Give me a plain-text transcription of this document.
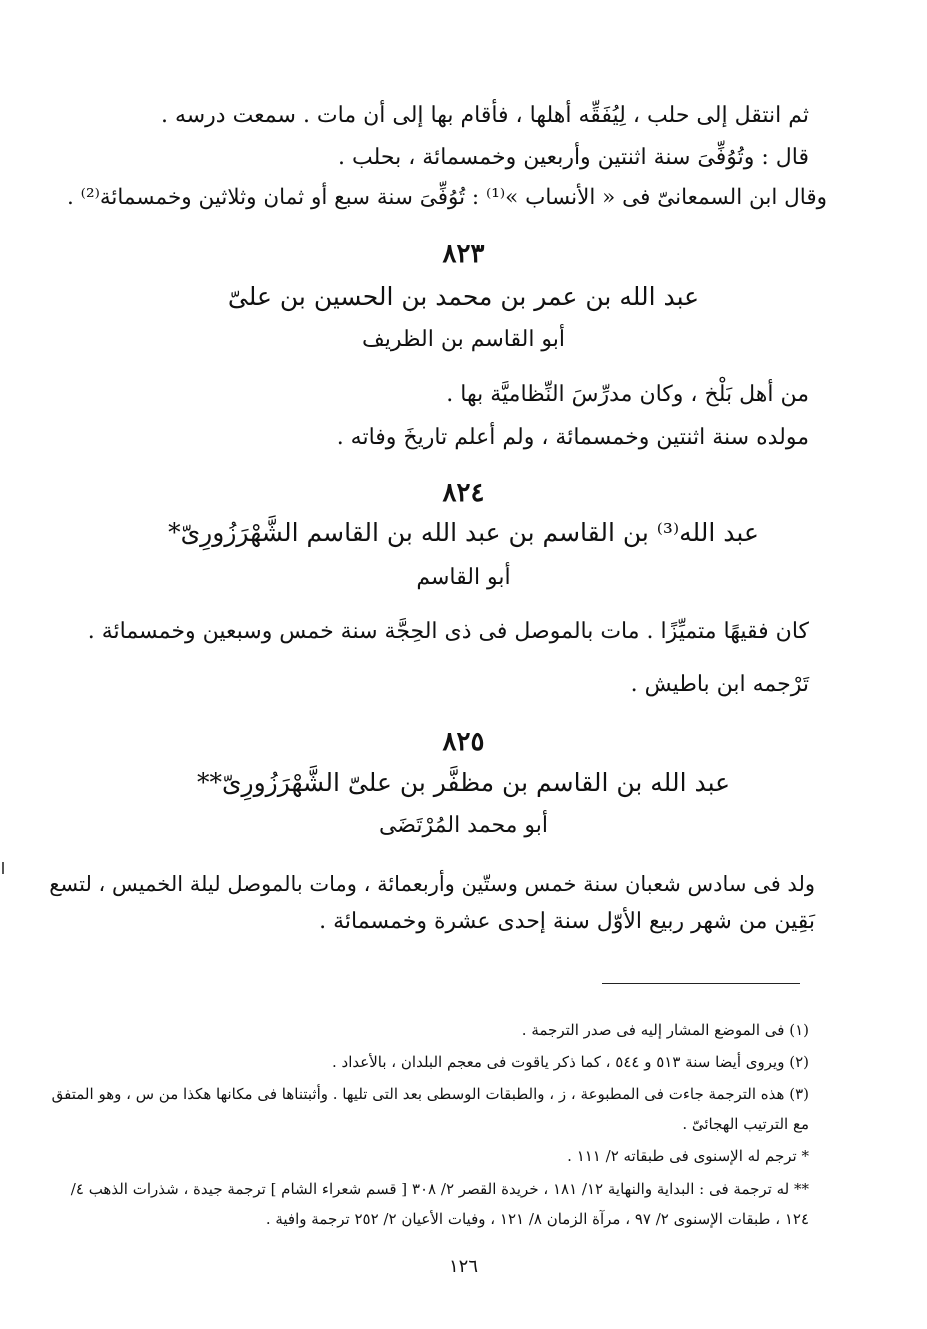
ثم انتقل إلى حلب ، لِيُفَقِّه أهلها ، فأقام بها إلى أن مات . سمعت درسه .
قال : وتُوُفِّىَ سنة اثنتين وأربعين وخمسمائة ، بحلب .
وقال ابن السمعانىّ فى « الأنساب »⁽¹⁾ : تُوُفِّىَ سنة سبع أو ثمان وثلاثين وخمسمائة⁽²⁾ .
٨٢٣
عبد الله بن عمر بن محمد بن الحسين بن علىّ
أبو القاسم بن الظريف
من أهل بَلْخ ، وكان مدرِّسَ النِّظاميَّة بها .
مولده سنة اثنتين وخمسمائة ، ولم أعلم تاريخَ وفاته .
٨٢٤
عبد الله⁽³⁾ بن القاسم بن عبد الله بن القاسم الشَّهْرَزُورِىّ*
أبو القاسم
كان فقيهًا متميِّزًا . مات بالموصل فى ذى الحِجَّة سنة خمس وسبعين وخمسمائة .
تَرْجمه ابن باطيش .
٨٢٥
عبد الله بن القاسم بن مظفَّر بن علىّ الشَّهْرَزُورِىّ**
أبو محمد المُرْتَضَى
ولد فى سادس شعبان سنة خمس وستّين وأربعمائة ، ومات بالموصل ليلة الخميس ، لتسع
بَقِين من شهر ربيع الأوّل سنة إحدى عشرة وخمسمائة .
(١) فى الموضع المشار إليه فى صدر الترجمة .
(٢) ويروى أيضا سنة ٥١٣ و ٥٤٤ ، كما ذكر ياقوت فى معجم البلدان ، بالأعداد .
(٣) هذه الترجمة جاءت فى المطبوعة ، ز ، والطبقات الوسطى بعد التى تليها . وأثبتناها فى مكانها هكذا من س ، وهو المتفق
مع الترتيب الهجائىّ .
* ترجم له الإسنوى فى طبقاته ٢/ ١١١ .
** له ترجمة فى : البداية والنهاية ١٢/ ١٨١ ، خريدة القصر ٢/ ٣٠٨ [ قسم شعراء الشام ] ترجمة جيدة ، شذرات الذهب ٤/
١٢٤ ، طبقات الإسنوى ٢/ ٩٧ ، مرآة الزمان ٨/ ١٢١ ، وفيات الأعيان ٢/ ٢٥٢ ترجمة وافية .
١٢٦
